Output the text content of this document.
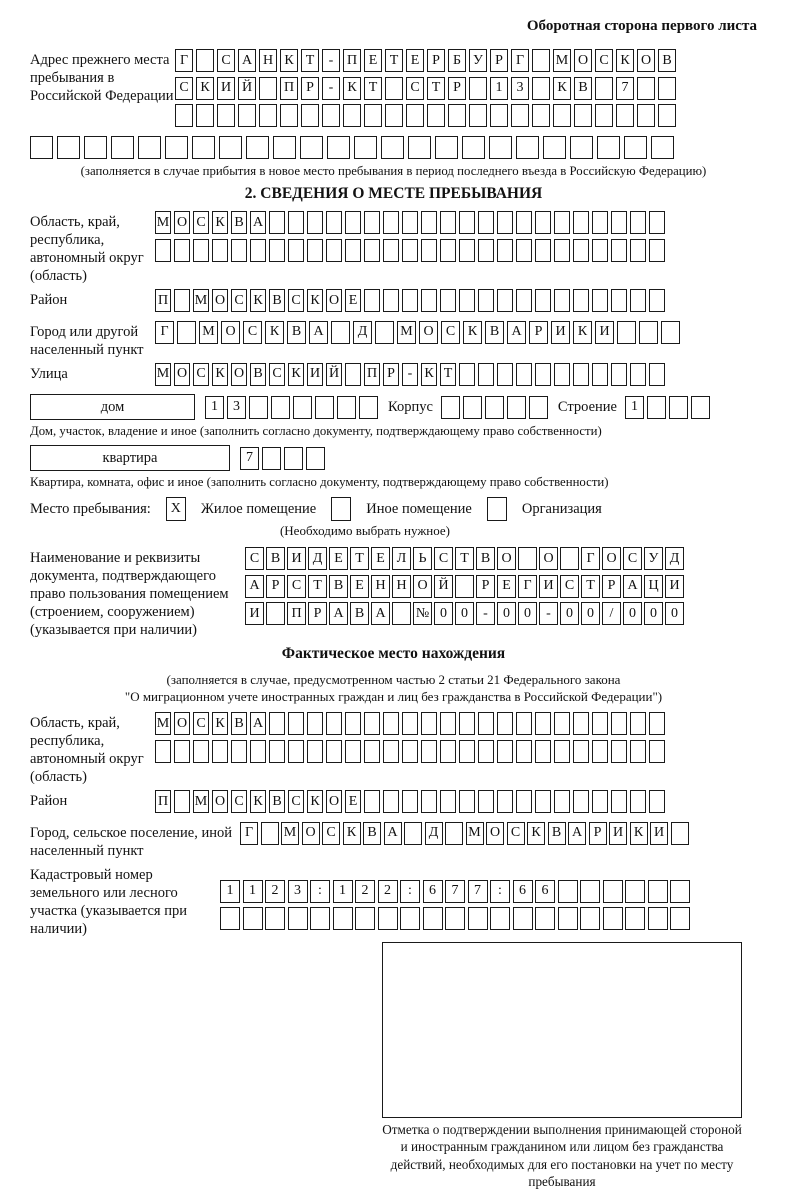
Оборотная сторона первого листа
Адрес прежнего места пребывания в Российской Федерации
Г	С А Н К Т	- П Е Т Е Р Б У Р Г	М О С К О В
С К И Й П Р	-	К Т	С Т Р	1	3	К В	7
(заполняется в случае прибытия в новое место пребывания в период последнего въезда в Российскую Федерацию)
2. СВЕДЕНИЯ О МЕСТЕ ПРЕБЫВАНИЯ
Область, край, республика, автономный округ (область)
М О С К В А
Район	П М О С К В С К О Е
Город или другой населенный пункт
Г	М О С К В А	Д	М О С К В А Р И К И
Улица	М О С К О В С К И Й П Р - К Т
дом	1	3	Корпус	Строение	1
Дом, участок, владение и иное (заполнить согласно документу, подтверждающему право собственности)
квартира	7
Квартира, комната, офис и иное (заполнить согласно документу, подтверждающему право собственности)
Место пребывания:	X	Жилое помещение	Иное помещение	Организация
(Необходимо выбрать нужное)
Наименование и реквизиты документа, подтверждающего право пользования помещением (строением, сооружением) (указывается при наличии)
С В И Д Е Т Е Л Ь С Т В О	О	Г О С У Д
А Р С Т В Е Н Н О Й	Р Е Г И С Т Р А Ц И
И	П Р А В А	№ 0	0	-	0	0	-	0	0	/	0	0	0
Фактическое место нахождения
(заполняется в случае, предусмотренном частью 2 статьи 21 Федерального закона
"О миграционном учете иностранных граждан и лиц без гражданства в Российской Федерации")
Область, край, республика, автономный округ (область)
М О С К В А
Район	П М О С К В С К О Е
Город, сельское поселение, иной населенный пункт
Г	М О С К В А	Д	М О С К В А Р И К И
Кадастровый номер земельного или лесного участка (указывается при наличии)
1	1	2	3	:	1	2	2	:	6	7	7	:	6	6
Отметка о подтверждении выполнения принимающей стороной и иностранным гражданином или лицом без гражданства действий, необходимых для его постановки на учет по месту пребывания
